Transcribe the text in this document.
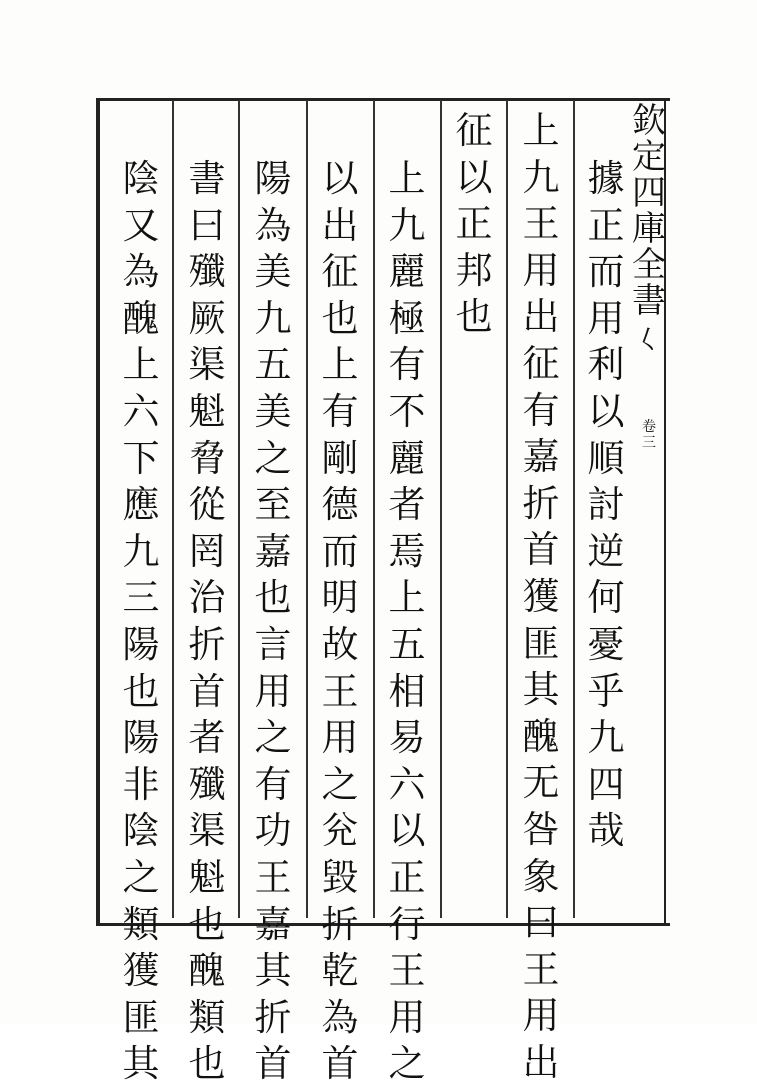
欽
定
四
庫
全
書
𡿨
卷
三
據
正
而
用
利
以
順
討
逆
何
憂
乎
九
四
哉
上
九
王
用
出
征
有
嘉
折
首
獲
匪
其
醜
无
咎
象
曰
王
用
出
征
以
正
邦
也
上
九
麗
極
有
不
麗
者
焉
上
五
相
易
六
以
正
行
王
用
之
以
出
征
也
上
有
剛
德
而
明
故
王
用
之
兊
毀
折
乾
為
首
陽
為
美
九
五
美
之
至
嘉
也
言
用
之
有
功
王
嘉
其
折
首
書
曰
殲
厥
渠
魁
脅
從
罔
治
折
首
者
殲
渠
魁
也
醜
類
也
陰
又
為
醜
上
六
下
應
九
三
陽
也
陽
非
陰
之
類
獲
匪
其
